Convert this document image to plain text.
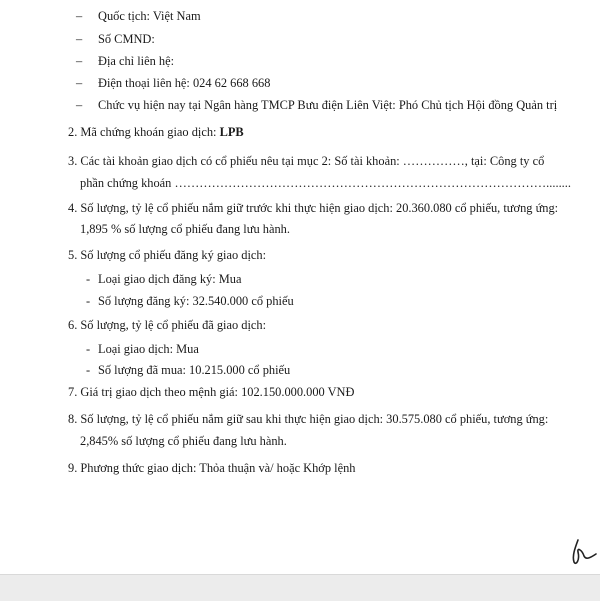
– Quốc tịch: Việt Nam
– Số CMND:
– Địa chỉ liên hệ:
– Điện thoại liên hệ: 024 62 668 668
– Chức vụ hiện nay tại Ngân hàng TMCP Bưu điện Liên Việt: Phó Chủ tịch Hội đồng Quản trị
2. Mã chứng khoán giao dịch: LPB
3. Các tài khoản giao dịch có cổ phiếu nêu tại mục 2: Số tài khoản: ……………, tại: Công ty cổ
phần chứng khoán ………………………………………………………………………………........
4. Số lượng, tỷ lệ cổ phiếu nắm giữ trước khi thực hiện giao dịch: 20.360.080 cổ phiếu, tương ứng:
1,895 % số lượng cổ phiếu đang lưu hành.
5. Số lượng cổ phiếu đăng ký giao dịch:
- Loại giao dịch đăng ký: Mua
- Số lượng đăng ký: 32.540.000 cổ phiếu
6. Số lượng, tỷ lệ cổ phiếu đã giao dịch:
- Loại giao dịch: Mua
- Số lượng đã mua: 10.215.000 cổ phiếu
7. Giá trị giao dịch theo mệnh giá: 102.150.000.000 VNĐ
8. Số lượng, tỷ lệ cổ phiếu nắm giữ sau khi thực hiện giao dịch: 30.575.080 cổ phiếu, tương ứng:
2,845% số lượng cổ phiếu đang lưu hành.
9. Phương thức giao dịch: Thỏa thuận và/ hoặc Khớp lệnh
